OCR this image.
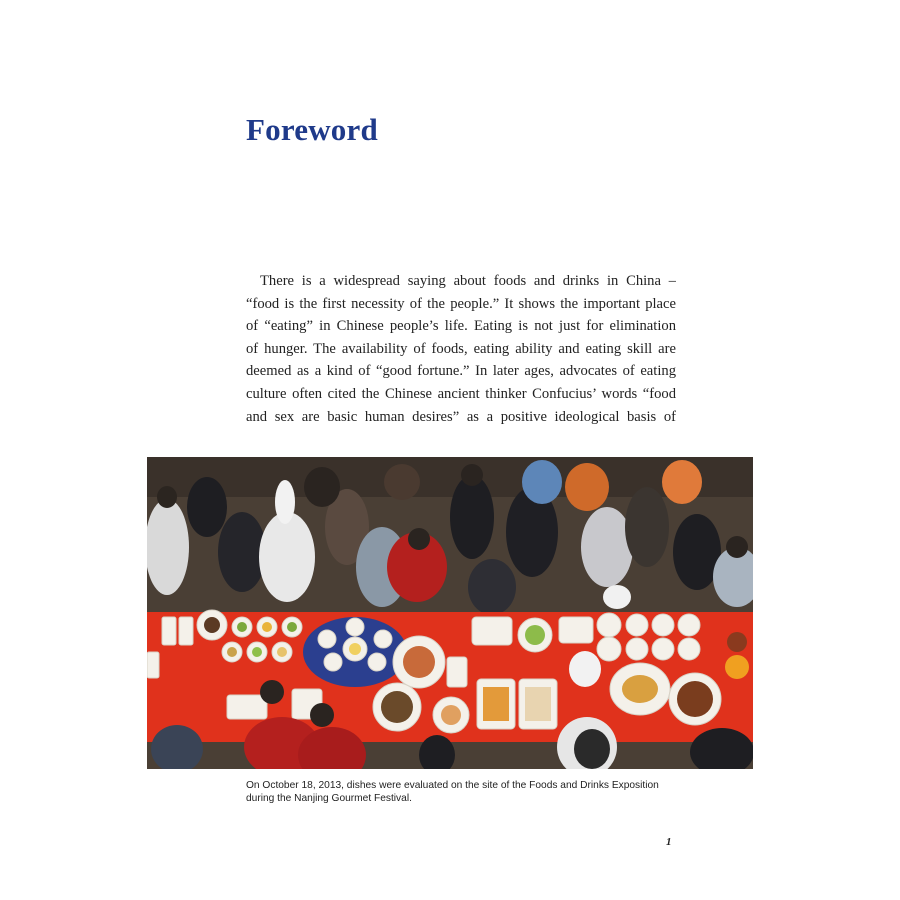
Foreword
There is a widespread saying about foods and drinks in China –
“food is the first necessity of the people.” It shows the important place
of “eating” in Chinese people’s life. Eating is not just for elimination
of hunger. The availability of foods, eating ability and eating skill are
deemed as a kind of “good fortune.” In later ages, advocates of eating
culture often cited the Chinese ancient thinker Confucius’ words “food
and sex are basic human desires” as a positive ideological basis of

On October 18, 2013, dishes were evaluated on the site of the Foods and Drinks Exposition during the Nanjing Gourmet Festival.

1
